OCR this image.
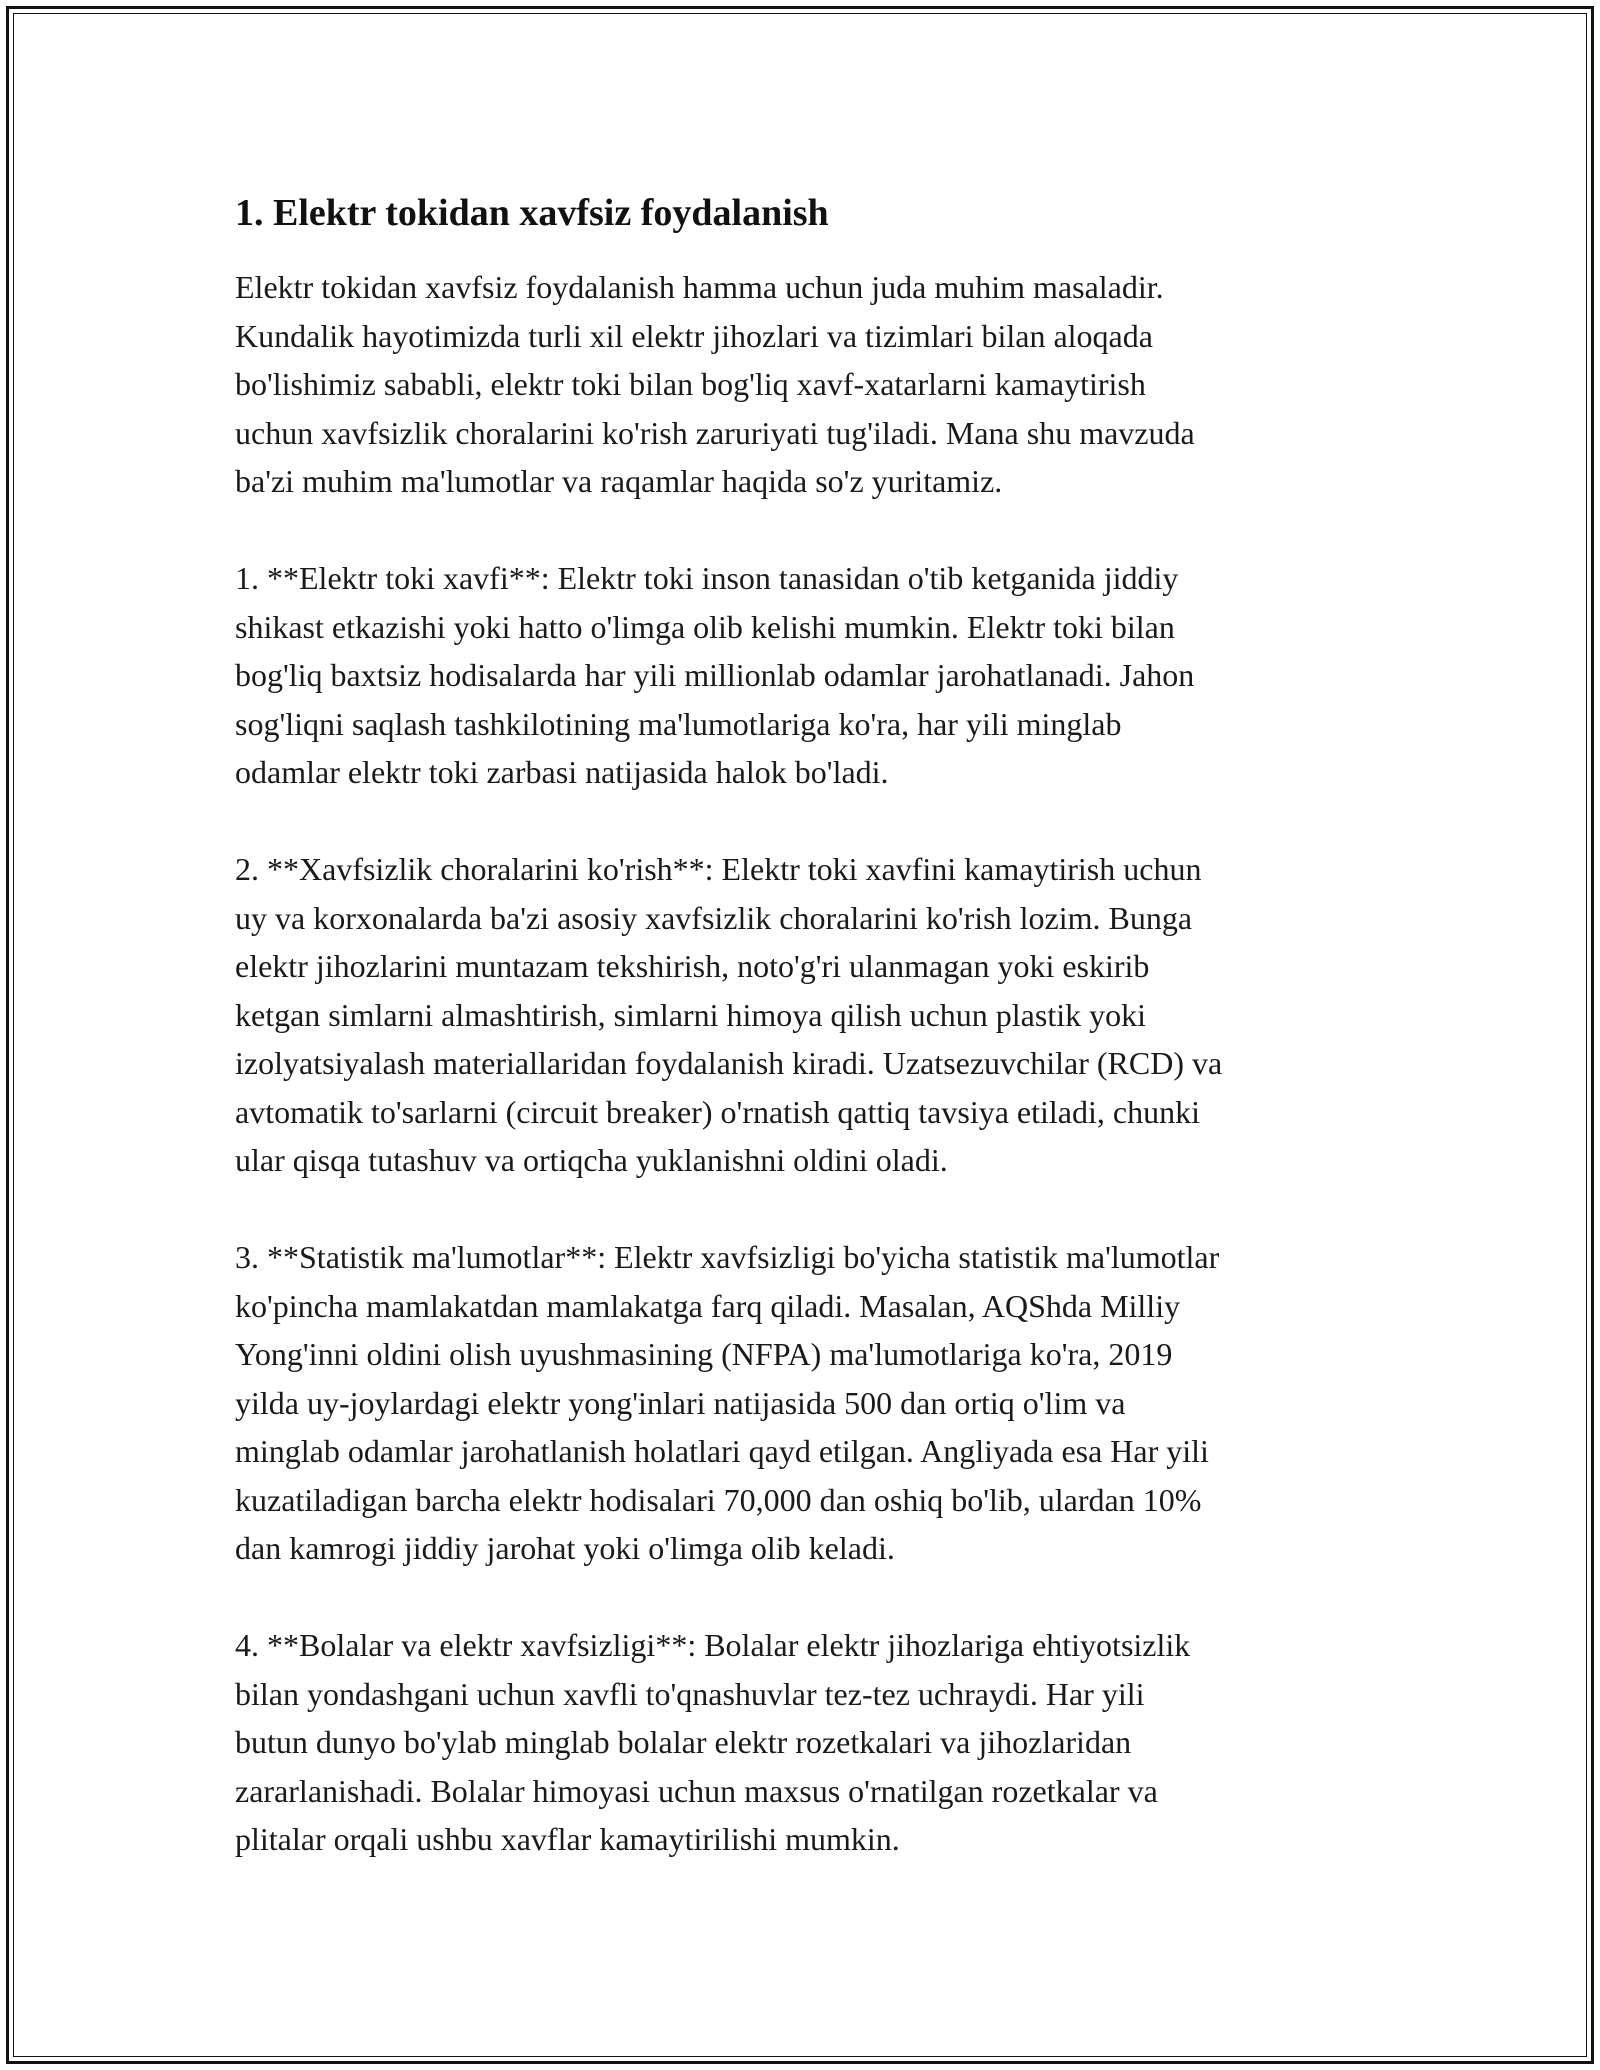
1. Elektr tokidan xavfsiz foydalanish

Elektr tokidan xavfsiz foydalanish hamma uchun juda muhim masaladir.
Kundalik hayotimizda turli xil elektr jihozlari va tizimlari bilan aloqada
bo'lishimiz sababli, elektr toki bilan bog'liq xavf-xatarlarni kamaytirish
uchun xavfsizlik choralarini ko'rish zaruriyati tug'iladi. Mana shu mavzuda
ba'zi muhim ma'lumotlar va raqamlar haqida so'z yuritamiz.

1. **Elektr toki xavfi**: Elektr toki inson tanasidan o'tib ketganida jiddiy
shikast etkazishi yoki hatto o'limga olib kelishi mumkin. Elektr toki bilan
bog'liq baxtsiz hodisalarda har yili millionlab odamlar jarohatlanadi. Jahon
sog'liqni saqlash tashkilotining ma'lumotlariga ko'ra, har yili minglab
odamlar elektr toki zarbasi natijasida halok bo'ladi.

2. **Xavfsizlik choralarini ko'rish**: Elektr toki xavfini kamaytirish uchun
uy va korxonalarda ba'zi asosiy xavfsizlik choralarini ko'rish lozim. Bunga
elektr jihozlarini muntazam tekshirish, noto'g'ri ulanmagan yoki eskirib
ketgan simlarni almashtirish, simlarni himoya qilish uchun plastik yoki
izolyatsiyalash materiallaridan foydalanish kiradi. Uzatsezuvchilar (RCD) va
avtomatik to'sarlarni (circuit breaker) o'rnatish qattiq tavsiya etiladi, chunki
ular qisqa tutashuv va ortiqcha yuklanishni oldini oladi.

3. **Statistik ma'lumotlar**: Elektr xavfsizligi bo'yicha statistik ma'lumotlar
ko'pincha mamlakatdan mamlakatga farq qiladi. Masalan, AQShda Milliy
Yong'inni oldini olish uyushmasining (NFPA) ma'lumotlariga ko'ra, 2019
yilda uy-joylardagi elektr yong'inlari natijasida 500 dan ortiq o'lim va
minglab odamlar jarohatlanish holatlari qayd etilgan. Angliyada esa Har yili
kuzatiladigan barcha elektr hodisalari 70,000 dan oshiq bo'lib, ulardan 10%
dan kamrogi jiddiy jarohat yoki o'limga olib keladi.

4. **Bolalar va elektr xavfsizligi**: Bolalar elektr jihozlariga ehtiyotsizlik
bilan yondashgani uchun xavfli to'qnashuvlar tez-tez uchraydi. Har yili
butun dunyo bo'ylab minglab bolalar elektr rozetkalari va jihozlaridan
zararlanishadi. Bolalar himoyasi uchun maxsus o'rnatilgan rozetkalar va
plitalar orqali ushbu xavflar kamaytirilishi mumkin.
